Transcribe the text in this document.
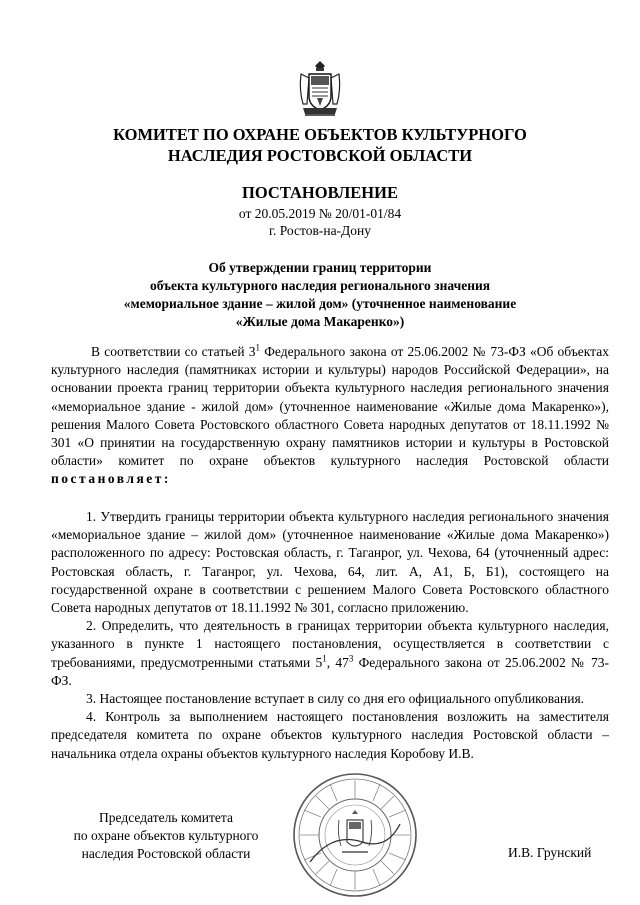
КОМИТЕТ ПО ОХРАНЕ ОБЪЕКТОВ КУЛЬТУРНОГО
НАСЛЕДИЯ РОСТОВСКОЙ ОБЛАСТИ
ПОСТАНОВЛЕНИЕ
от 20.05.2019 № 20/01-01/84
г. Ростов-на-Дону
Об утверждении границ территории
объекта культурного наследия регионального значения
«мемориальное здание – жилой дом» (уточненное наименование
«Жилые дома Макаренко»)

В соответствии со статьей $3^1$ Федерального закона от 25.06.2002 № 73-ФЗ «Об объектах культурного наследия (памятниках истории и культуры) народов Российской Федерации», на основании проекта границ территории объекта культурного наследия регионального значения «мемориальное здание - жилой дом» (уточненное наименование «Жилые дома Макаренко»), решения Малого Совета Ростовского областного Совета народных депутатов от 18.11.1992 № 301 «О принятии на государственную охрану памятников истории и культуры в Ростовской области» комитет по охране объектов культурного наследия Ростовской области постановляет:

1. Утвердить границы территории объекта культурного наследия регионального значения «мемориальное здание – жилой дом» (уточненное наименование «Жилые дома Макаренко») расположенного по адресу: Ростовская область, г. Таганрог, ул. Чехова, 64 (уточненный адрес: Ростовская область, г. Таганрог, ул. Чехова, 64, лит. А, А1, Б, Б1), состоящего на государственной охране в соответствии с решением Малого Совета Ростовского областного Совета народных депутатов от 18.11.1992 № 301, согласно приложению.

2. Определить, что деятельность в границах территории объекта культурного наследия, указанного в пункте 1 настоящего постановления, осуществляется в соответствии с требованиями, предусмотренными статьями $5^1$, $47^3$ Федерального закона от 25.06.2002 № 73-ФЗ.

3. Настоящее постановление вступает в силу со дня его официального опубликования.

4. Контроль за выполнением настоящего постановления возложить на заместителя председателя комитета по охране объектов культурного наследия Ростовской области – начальника отдела охраны объектов культурного наследия Коробову И.В.

Председатель комитета
по охране объектов культурного
наследия Ростовской области	И.В. Грунский
